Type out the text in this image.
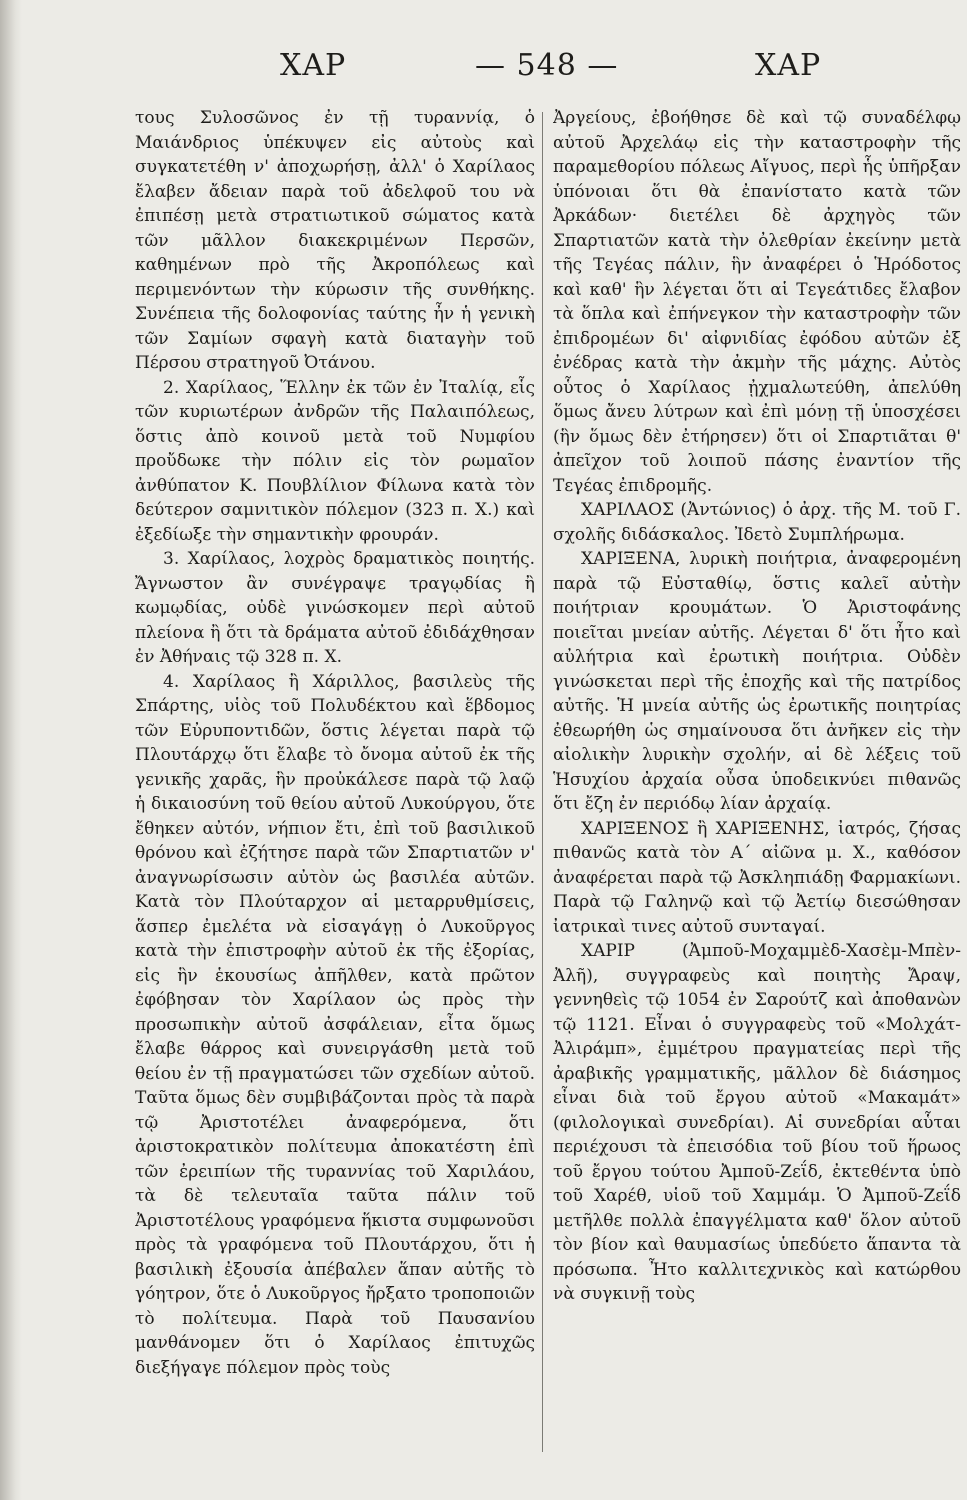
ΧΑΡ	— 548 —	ΧΑΡ

τους Συλοσῶνος ἐν τῇ τυραννίᾳ, ὁ Μαιάνδριος ὑπέκυψεν εἰς αὐτοὺς καὶ συγκατετέθη ν' ἀποχωρήσῃ, ἀλλ' ὁ Χαρίλαος ἔλαβεν ἄδειαν παρὰ τοῦ ἀδελφοῦ του νὰ ἐπιπέσῃ μετὰ στρατιωτικοῦ σώματος κατὰ τῶν μᾶλλον διακεκριμένων Περσῶν, καθημένων πρὸ τῆς Ἀκροπόλεως καὶ περιμενόντων τὴν κύρωσιν τῆς συνθήκης. Συνέπεια τῆς δολοφονίας ταύτης ἦν ἡ γενικὴ τῶν Σαμίων σφαγὴ κατὰ διαταγὴν τοῦ Πέρσου στρατηγοῦ Ὀτάνου.

2. Χαρίλαος, Ἕλλην ἐκ τῶν ἐν Ἰταλίᾳ, εἷς τῶν κυριωτέρων ἀνδρῶν τῆς Παλαιπόλεως, ὅστις ἀπὸ κοινοῦ μετὰ τοῦ Νυμφίου προὔδωκε τὴν πόλιν εἰς τὸν ρωμαῖον ἀνθύπατον Κ. Πουβλίλιον Φίλωνα κατὰ τὸν δεύτερον σαμνιτικὸν πόλεμον (323 π. Χ.) καὶ ἐξεδίωξε τὴν σημαντικὴν φρουράν.

3. Χαρίλαος, λοχρὸς δραματικὸς ποιητής. Ἄγνωστον ἂν συνέγραψε τραγῳδίας ἢ κωμῳδίας, οὐδὲ γινώσκομεν περὶ αὐτοῦ πλείονα ἢ ὅτι τὰ δράματα αὐτοῦ ἐδιδάχθησαν ἐν Ἀθήναις τῷ 328 π. Χ.

4. Χαρίλαος ἢ Χάριλλος, βασιλεὺς τῆς Σπάρτης, υἱὸς τοῦ Πολυδέκτου καὶ ἕβδομος τῶν Εὐρυποντιδῶν, ὅστις λέγεται παρὰ τῷ Πλουτάρχῳ ὅτι ἔλαβε τὸ ὄνομα αὐτοῦ ἐκ τῆς γενικῆς χαρᾶς, ἣν προὐκάλεσε παρὰ τῷ λαῷ ἡ δικαιοσύνη τοῦ θείου αὐτοῦ Λυκούργου, ὅτε ἔθηκεν αὐτόν, νήπιον ἔτι, ἐπὶ τοῦ βασιλικοῦ θρόνου καὶ ἐζήτησε παρὰ τῶν Σπαρτιατῶν ν' ἀναγνωρίσωσιν αὐτὸν ὡς βασιλέα αὐτῶν. Κατὰ τὸν Πλούταρχον αἱ μεταρρυθμίσεις, ἅσπερ ἐμελέτα νὰ εἰσαγάγῃ ὁ Λυκοῦργος κατὰ τὴν ἐπιστροφὴν αὐτοῦ ἐκ τῆς ἐξορίας, εἰς ἣν ἑκουσίως ἀπῆλθεν, κατὰ πρῶτον ἐφόβησαν τὸν Χαρίλαον ὡς πρὸς τὴν προσωπικὴν αὐτοῦ ἀσφάλειαν, εἶτα ὅμως ἔλαβε θάρρος καὶ συνειργάσθη μετὰ τοῦ θείου ἐν τῇ πραγματώσει τῶν σχεδίων αὐτοῦ. Ταῦτα ὅμως δὲν συμβιβάζονται πρὸς τὰ παρὰ τῷ Ἀριστοτέλει ἀναφερόμενα, ὅτι ἀριστοκρατικὸν πολίτευμα ἀποκατέστη ἐπὶ τῶν ἐρειπίων τῆς τυραννίας τοῦ Χαριλάου, τὰ δὲ τελευταῖα ταῦτα πάλιν τοῦ Ἀριστοτέλους γραφόμενα ἥκιστα συμφωνοῦσι πρὸς τὰ γραφόμενα τοῦ Πλουτάρχου, ὅτι ἡ βασιλικὴ ἐξουσία ἀπέβαλεν ἅπαν αὐτῆς τὸ γόητρον, ὅτε ὁ Λυκοῦργος ἤρξατο τροποποιῶν τὸ πολίτευμα. Παρὰ τοῦ Παυσανίου μανθάνομεν ὅτι ὁ Χαρίλαος ἐπιτυχῶς διεξήγαγε πόλεμον πρὸς τοὺς

Ἀργείους, ἐβοήθησε δὲ καὶ τῷ συναδέλφῳ αὐτοῦ Ἀρχελάῳ εἰς τὴν καταστροφὴν τῆς παραμεθορίου πόλεως Αἴγυος, περὶ ἧς ὑπῆρξαν ὑπόνοιαι ὅτι θὰ ἐπανίστατο κατὰ τῶν Ἀρκάδων· διετέλει δὲ ἀρχηγὸς τῶν Σπαρτιατῶν κατὰ τὴν ὀλεθρίαν ἐκείνην μετὰ τῆς Τεγέας πάλιν, ἣν ἀναφέρει ὁ Ἡρόδοτος καὶ καθ' ἣν λέγεται ὅτι αἱ Τεγεάτιδες ἔλαβον τὰ ὅπλα καὶ ἐπήνεγκον τὴν καταστροφὴν τῶν ἐπιδρομέων δι' αἰφνιδίας ἐφόδου αὐτῶν ἐξ ἐνέδρας κατὰ τὴν ἀκμὴν τῆς μάχης. Αὐτὸς οὗτος ὁ Χαρίλαος ᾐχμαλωτεύθη, ἀπελύθη ὅμως ἄνευ λύτρων καὶ ἐπὶ μόνῃ τῇ ὑποσχέσει (ἣν ὅμως δὲν ἐτήρησεν) ὅτι οἱ Σπαρτιᾶται θ' ἀπεῖχον τοῦ λοιποῦ πάσης ἐναντίον τῆς Τεγέας ἐπιδρομῆς.

ΧΑΡΙΛΑΟΣ (Ἀντώνιος) ὁ ἀρχ. τῆς Μ. τοῦ Γ. σχολῆς διδάσκαλος. Ἰδετὸ Συμπλήρωμα.

ΧΑΡΙΞΕΝΑ, λυρικὴ ποιήτρια, ἀναφερομένη παρὰ τῷ Εὐσταθίῳ, ὅστις καλεῖ αὐτὴν ποιήτριαν κρουμάτων. Ὁ Ἀριστοφάνης ποιεῖται μνείαν αὐτῆς. Λέγεται δ' ὅτι ἦτο καὶ αὐλήτρια καὶ ἐρωτικὴ ποιήτρια. Οὐδὲν γινώσκεται περὶ τῆς ἐποχῆς καὶ τῆς πατρίδος αὐτῆς. Ἡ μνεία αὐτῆς ὡς ἐρωτικῆς ποιητρίας ἐθεωρήθη ὡς σημαίνουσα ὅτι ἀνῆκεν εἰς τὴν αἰολικὴν λυρικὴν σχολήν, αἱ δὲ λέξεις τοῦ Ἡσυχίου ἀρχαία οὖσα ὑποδεικνύει πιθανῶς ὅτι ἔζη ἐν περιόδῳ λίαν ἀρχαίᾳ.

ΧΑΡΙΞΕΝΟΣ ἢ ΧΑΡΙΞΕΝΗΣ, ἰατρός, ζήσας πιθανῶς κατὰ τὸν Α΄ αἰῶνα μ. Χ., καθόσον ἀναφέρεται παρὰ τῷ Ἀσκληπιάδῃ Φαρμακίωνι. Παρὰ τῷ Γαληνῷ καὶ τῷ Ἀετίῳ διεσώθησαν ἰατρικαὶ τινες αὐτοῦ συνταγαί.

ΧΑΡΙΡ (Ἀμποῦ-Μοχαμμὲδ-Χασὲμ-Μπὲν-Ἀλῆ), συγγραφεὺς καὶ ποιητὴς Ἄραψ, γεννηθεὶς τῷ 1054 ἐν Σαρούτζ καὶ ἀποθανὼν τῷ 1121. Εἶναι ὁ συγγραφεὺς τοῦ «Μολχάτ-Ἀλιράμπ», ἐμμέτρου πραγματείας περὶ τῆς ἀραβικῆς γραμματικῆς, μᾶλλον δὲ διάσημος εἶναι διὰ τοῦ ἔργου αὐτοῦ «Μακαμάτ» (φιλολογικαὶ συνεδρίαι). Αἱ συνεδρίαι αὗται περιέχουσι τὰ ἐπεισόδια τοῦ βίου τοῦ ἥρωος τοῦ ἔργου τούτου Ἀμποῦ-Ζεΐδ, ἐκτεθέντα ὑπὸ τοῦ Χαρέθ, υἱοῦ τοῦ Χαμμάμ. Ὁ Ἀμποῦ-Ζεΐδ μετῆλθε πολλὰ ἐπαγγέλματα καθ' ὅλον αὐτοῦ τὸν βίον καὶ θαυμασίως ὑπεδύετο ἅπαντα τὰ πρόσωπα. Ἦτο καλλιτεχνικὸς καὶ κατώρθου νὰ συγκινῇ τοὺς
